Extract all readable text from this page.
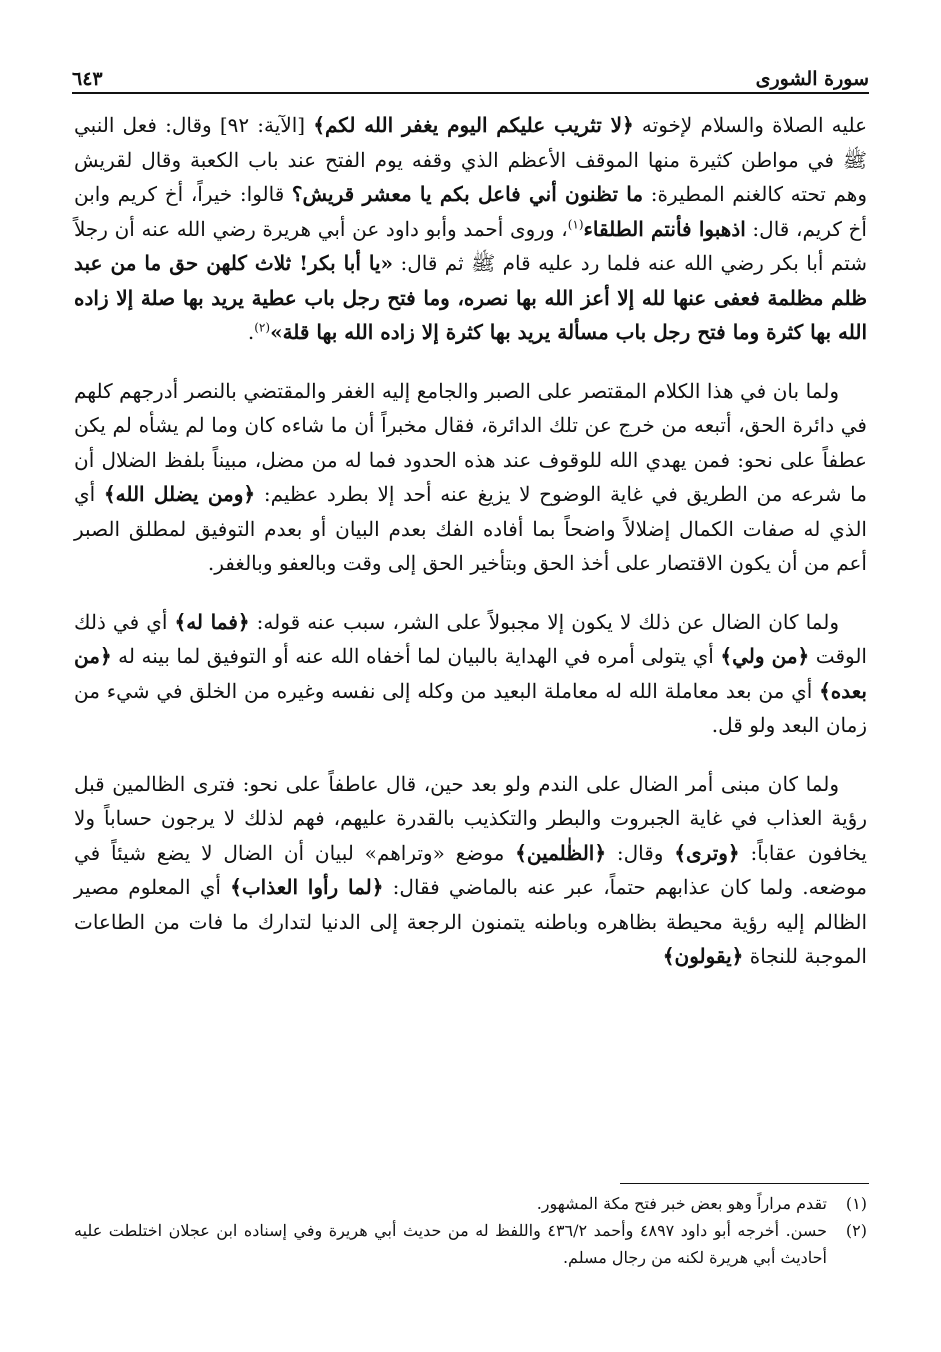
سورة الشورى
٦٤٣

عليه الصلاة والسلام لإخوته ﴿لا تثريب عليكم اليوم يغفر الله لكم﴾ [الآية: ٩٢] وقال: فعل النبي ﷺ في مواطن كثيرة منها الموقف الأعظم الذي وقفه يوم الفتح عند باب الكعبة وقال لقريش وهم تحته كالغنم المطيرة: ما تظنون أني فاعل بكم يا معشر قريش؟ قالوا: خيراً، أخ كريم وابن أخ كريم، قال: اذهبوا فأنتم الطلقاء$^{(١)}$، وروى أحمد وأبو داود عن أبي هريرة رضي الله عنه أن رجلاً شتم أبا بكر رضي الله عنه فلما رد عليه قام ﷺ ثم قال: «يا أبا بكر! ثلاث كلهن حق ما من عبد ظلم مظلمة فعفى عنها لله إلا أعز الله بها نصره، وما فتح رجل باب عطية يريد بها صلة إلا زاده الله بها كثرة وما فتح رجل باب مسألة يريد بها كثرة إلا زاده الله بها قلة»$^{(٢)}$.

ولما بان في هذا الكلام المقتصر على الصبر والجامع إليه الغفر والمقتضي بالنصر أدرجهم كلهم في دائرة الحق، أتبعه من خرج عن تلك الدائرة، فقال مخبراً أن ما شاءه كان وما لم يشأه لم يكن عطفاً على نحو: فمن يهدي الله للوقوف عند هذه الحدود فما له من مضل، مبيناً بلفظ الضلال أن ما شرعه من الطريق في غاية الوضوح لا يزيغ عنه أحد إلا بطرد عظيم: ﴿ومن يضلل الله﴾ أي الذي له صفات الكمال إضلالاً واضحاً بما أفاده الفك بعدم البيان أو بعدم التوفيق لمطلق الصبر أعم من أن يكون الاقتصار على أخذ الحق وبتأخير الحق إلى وقت وبالعفو وبالغفر.

ولما كان الضال عن ذلك لا يكون إلا مجبولاً على الشر، سبب عنه قوله: ﴿فما له﴾ أي في ذلك الوقت ﴿من ولي﴾ أي يتولى أمره في الهداية بالبيان لما أخفاه الله عنه أو التوفيق لما بينه له ﴿من بعده﴾ أي من بعد معاملة الله له معاملة البعيد من وكله إلى نفسه وغيره من الخلق في شيء من زمان البعد ولو قل.

ولما كان مبنى أمر الضال على الندم ولو بعد حين، قال عاطفاً على نحو: فترى الظالمين قبل رؤية العذاب في غاية الجبروت والبطر والتكذيب بالقدرة عليهم، فهم لذلك لا يرجون حساباً ولا يخافون عقاباً: ﴿وترى﴾ وقال: ﴿الظٰلمين﴾ موضع «وتراهم» لبيان أن الضال لا يضع شيئاً في موضعه. ولما كان عذابهم حتماً، عبر عنه بالماضي فقال: ﴿لما رأوا العذاب﴾ أي المعلوم مصير الظالم إليه رؤية محيطة بظاهره وباطنه يتمنون الرجعة إلى الدنيا لتدارك ما فات من الطاعات الموجبة للنجاة ﴿يقولون﴾

(١)
تقدم مراراً وهو بعض خبر فتح مكة المشهور.
(٢)
حسن. أخرجه أبو داود ٤٨٩٧ وأحمد ٤٣٦/٢ واللفظ له من حديث أبي هريرة وفي إسناده ابن عجلان اختلطت عليه أحاديث أبي هريرة لكنه من رجال مسلم.
